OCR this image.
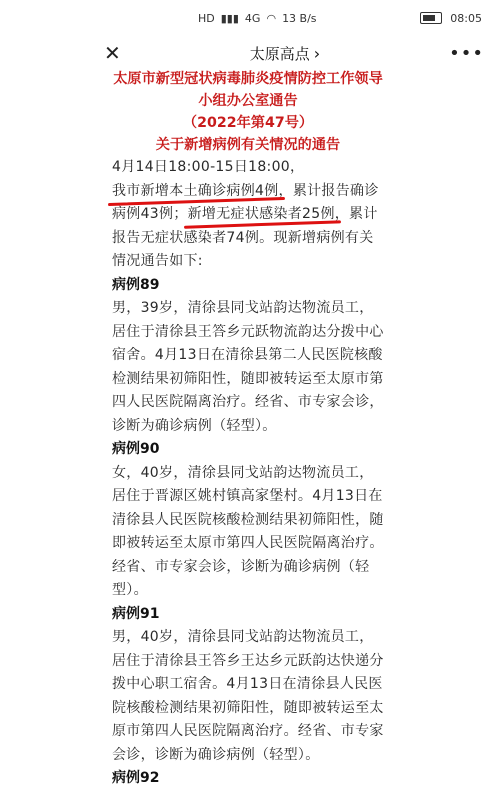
HD ▮▮▮ 4G ◠ 13 B/s	08:05
✕	太原高点 ›	•••

太原市新型冠状病毒肺炎疫情防控工作领导小组办公室通告

（2022年第47号）

关于新增病例有关情况的通告

4月14日18:00-15日18:00，我市新增本土确诊病例4例，累计报告确诊病例43例；新增无症状感染者25例，累计报告无症状感染者74例。现新增病例有关情况通告如下:

病例89

男，39岁，清徐县同戈站韵达物流员工，居住于清徐县王答乡元跃物流韵达分拨中心宿舍。4月13日在清徐县第二人民医院核酸检测结果初筛阳性，随即被转运至太原市第四人民医院隔离治疗。经省、市专家会诊，诊断为确诊病例（轻型）。

病例90

女，40岁，清徐县同戈站韵达物流员工，居住于晋源区姚村镇高家堡村。4月13日在清徐县人民医院核酸检测结果初筛阳性，随即被转运至太原市第四人民医院隔离治疗。经省、市专家会诊，诊断为确诊病例（轻型）。

病例91

男，40岁，清徐县同戈站韵达物流员工，居住于清徐县王答乡王达乡元跃韵达快递分拨中心职工宿舍。4月13日在清徐县人民医院核酸检测结果初筛阳性，随即被转运至太原市第四人民医院隔离治疗。经省、市专家会诊，诊断为确诊病例（轻型）。

病例92
